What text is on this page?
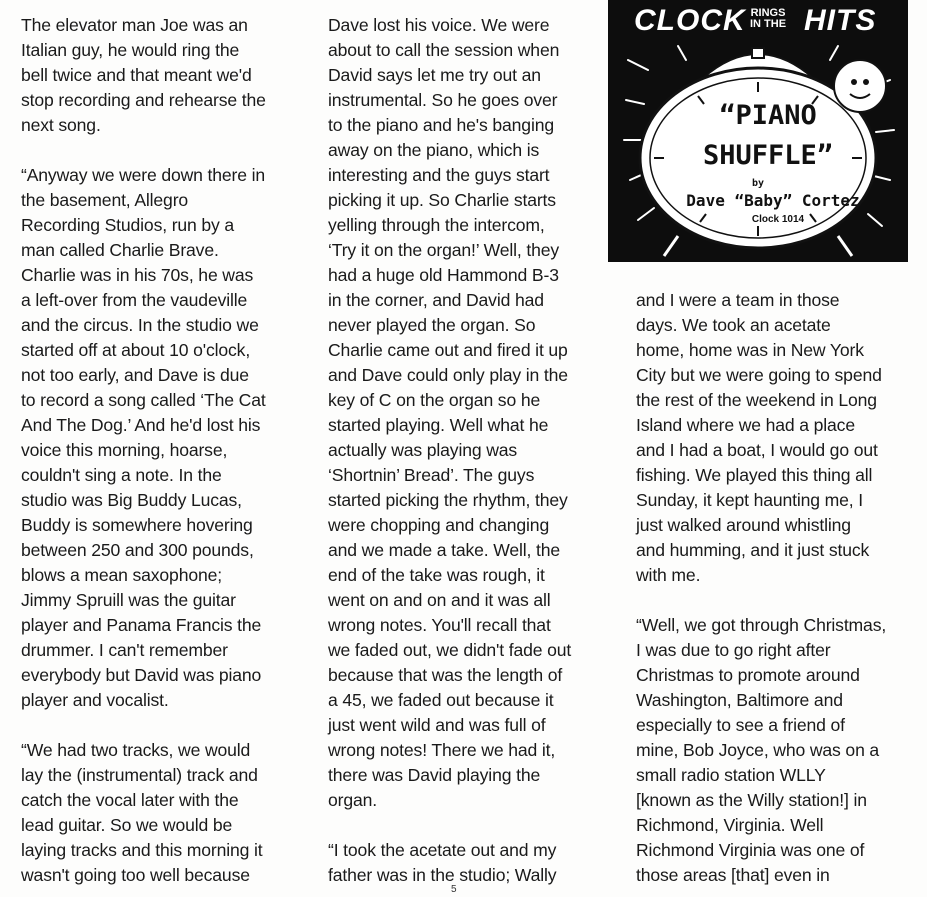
The elevator man Joe was an

Italian guy, he would ring the

bell twice and that meant we'd

stop recording and rehearse the

next song.

“Anyway we were down there in

the basement, Allegro

Recording Studios, run by a

man called Charlie Brave.

Charlie was in his 70s, he was

a left-over from the vaudeville

and the circus. In the studio we

started off at about 10 o'clock,

not too early, and Dave is due

to record a song called ‘The Cat

And The Dog.’ And he'd lost his

voice this morning, hoarse,

couldn't sing a note. In the

studio was Big Buddy Lucas,

Buddy is somewhere hovering

between 250 and 300 pounds,

blows a mean saxophone;

Jimmy Spruill was the guitar

player and Panama Francis the

drummer. I can't remember

everybody but David was piano

player and vocalist.

“We had two tracks, we would

lay the (instrumental) track and

catch the vocal later with the

lead guitar. So we would be

laying tracks and this morning it

wasn't going too well because

Dave lost his voice. We were

about to call the session when

David says let me try out an

instrumental. So he goes over

to the piano and he's banging

away on the piano, which is

interesting and the guys start

picking it up. So Charlie starts

yelling through the intercom,

‘Try it on the organ!’ Well, they

had a huge old Hammond B-3

in the corner, and David had

never played the organ. So

Charlie came out and fired it up

and Dave could only play in the

key of C on the organ so he

started playing. Well what he

actually was playing was

‘Shortnin’ Bread’. The guys

started picking the rhythm, they

were chopping and changing

and we made a take. Well, the

end of the take was rough, it

went on and on and it was all

wrong notes. You'll recall that

we faded out, we didn't fade out

because that was the length of

a 45, we faded out because it

just went wild and was full of

wrong notes! There we had it,

there was David playing the

organ.

“I took the acetate out and my

father was in the studio; Wally

and I were a team in those

days. We took an acetate

home, home was in New York

City but we were going to spend

the rest of the weekend in Long

Island where we had a place

and I had a boat, I would go out

fishing. We played this thing all

Sunday, it kept haunting me, I

just walked around whistling

and humming, and it just stuck

with me.

“Well, we got through Christmas,

I was due to go right after

Christmas to promote around

Washington, Baltimore and

especially to see a friend of

mine, Bob Joyce, who was on a

small radio station WLLY

[known as the Willy station!] in

Richmond, Virginia. Well

Richmond Virginia was one of

those areas [that] even in

CLOCK RINGS
IN THE HITS
“PIANO
SHUFFLE”
by
Dave “Baby” Cortez
Clock 1014
5
